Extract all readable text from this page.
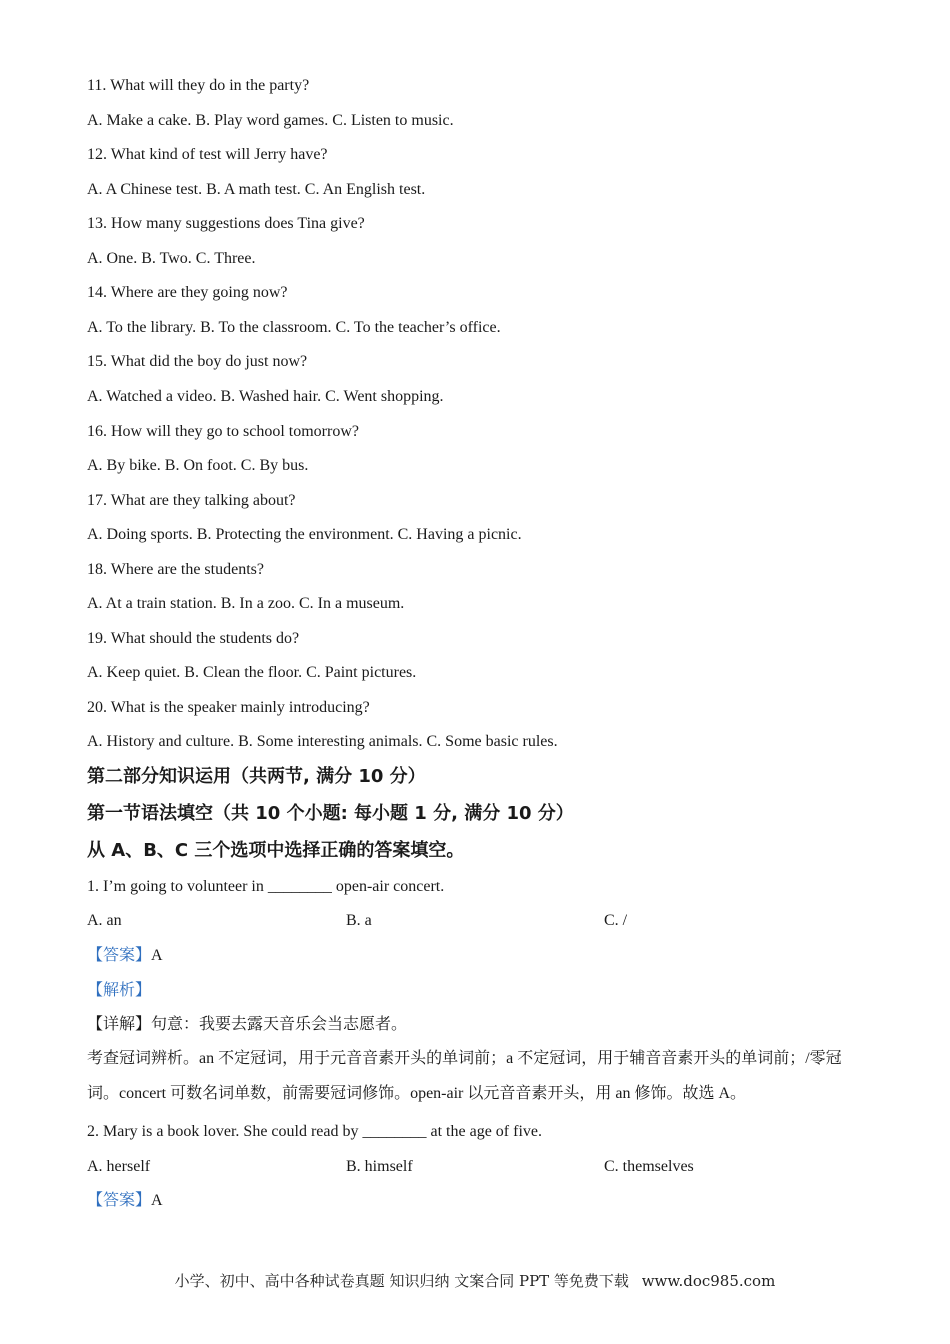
11. What will they do in the party?
A. Make a cake. B. Play word games. C. Listen to music.
12. What kind of test will Jerry have?
A. A Chinese test. B. A math test. C. An English test.
13. How many suggestions does Tina give?
A. One. B. Two. C. Three.
14. Where are they going now?
A. To the library. B. To the classroom. C. To the teacher’s office.
15. What did the boy do just now?
A. Watched a video. B. Washed hair. C. Went shopping.
16. How will they go to school tomorrow?
A. By bike. B. On foot. C. By bus.
17. What are they talking about?
A. Doing sports. B. Protecting the environment. C. Having a picnic.
18. Where are the students?
A. At a train station. B. In a zoo. C. In a museum.
19. What should the students do?
A. Keep quiet. B. Clean the floor. C. Paint pictures.
20. What is the speaker mainly introducing?
A. History and culture. B. Some interesting animals. C. Some basic rules.
第二部分知识运用（共两节, 满分 10 分）
第一节语法填空（共 10 个小题: 每小题 1 分, 满分 10 分）
从 A、B、C 三个选项中选择正确的答案填空。
1. I’m going to volunteer in ________ open-air concert.
A. an	B. a	C. /
【答案】A
【解析】
【详解】句意：我要去露天音乐会当志愿者。
考查冠词辨析。an 不定冠词，用于元音音素开头的单词前；a 不定冠词，用于辅音音素开头的单词前；/零冠词。concert 可数名词单数，前需要冠词修饰。open-air 以元音音素开头，用 an 修饰。故选 A。
2. Mary is a book lover. She could read by ________ at the age of five.
A. herself	B. himself	C. themselves
【答案】A
小学、初中、高中各种试卷真题 知识归纳 文案合同 PPT 等免费下载 www.doc985.com
